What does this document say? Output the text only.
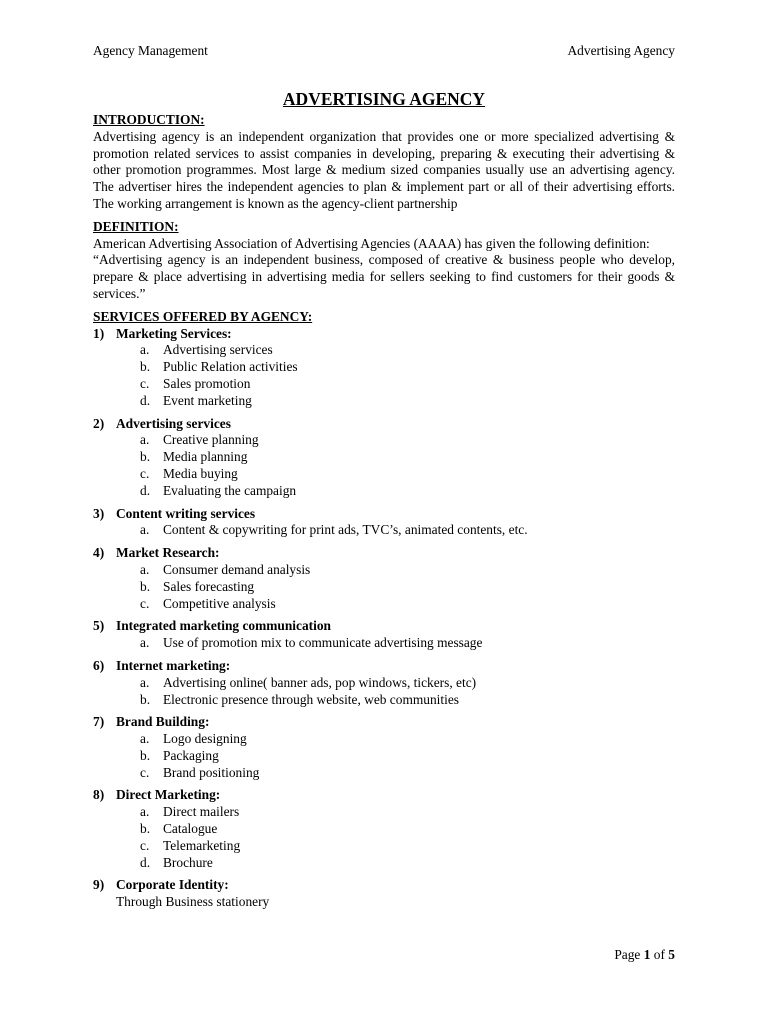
Agency Management	Advertising Agency
ADVERTISING AGENCY
INTRODUCTION:

Advertising agency is an independent organization that provides one or more specialized advertising & promotion related services to assist companies in developing, preparing & executing their advertising & other promotion programmes. Most large & medium sized companies usually use an advertising agency. The advertiser hires the independent agencies to plan & implement part or all of their advertising efforts. The working arrangement is known as the agency-client partnership

DEFINITION:

American Advertising Association of Advertising Agencies (AAAA) has given the following definition:

“Advertising agency is an independent business, composed of creative & business people who develop, prepare & place advertising in advertising media for sellers seeking to find customers for their goods & services.”

SERVICES OFFERED BY AGENCY:
1) Marketing Services:
a.	Advertising services
b. Public Relation activities
c.	Sales promotion
d. Event marketing
2) Advertising services
a.	Creative planning
b. Media planning
c.	Media buying
d. Evaluating the campaign
3) Content writing services
a.	Content & copywriting for print ads, TVC’s, animated contents, etc.
4) Market Research:
a.	Consumer demand analysis
b. Sales forecasting
c.	Competitive analysis
5) Integrated marketing communication
a.	Use of promotion mix to communicate advertising message
6) Internet marketing:
a.	Advertising online( banner ads, pop windows, tickers, etc)
b. Electronic presence through website, web communities
7) Brand Building:
a.	Logo designing
b. Packaging
c.	Brand positioning
8) Direct Marketing:
a.	Direct mailers
b. Catalogue
c.	Telemarketing
d. Brochure
9) Corporate Identity:
Through Business stationery
Page 1 of 5
